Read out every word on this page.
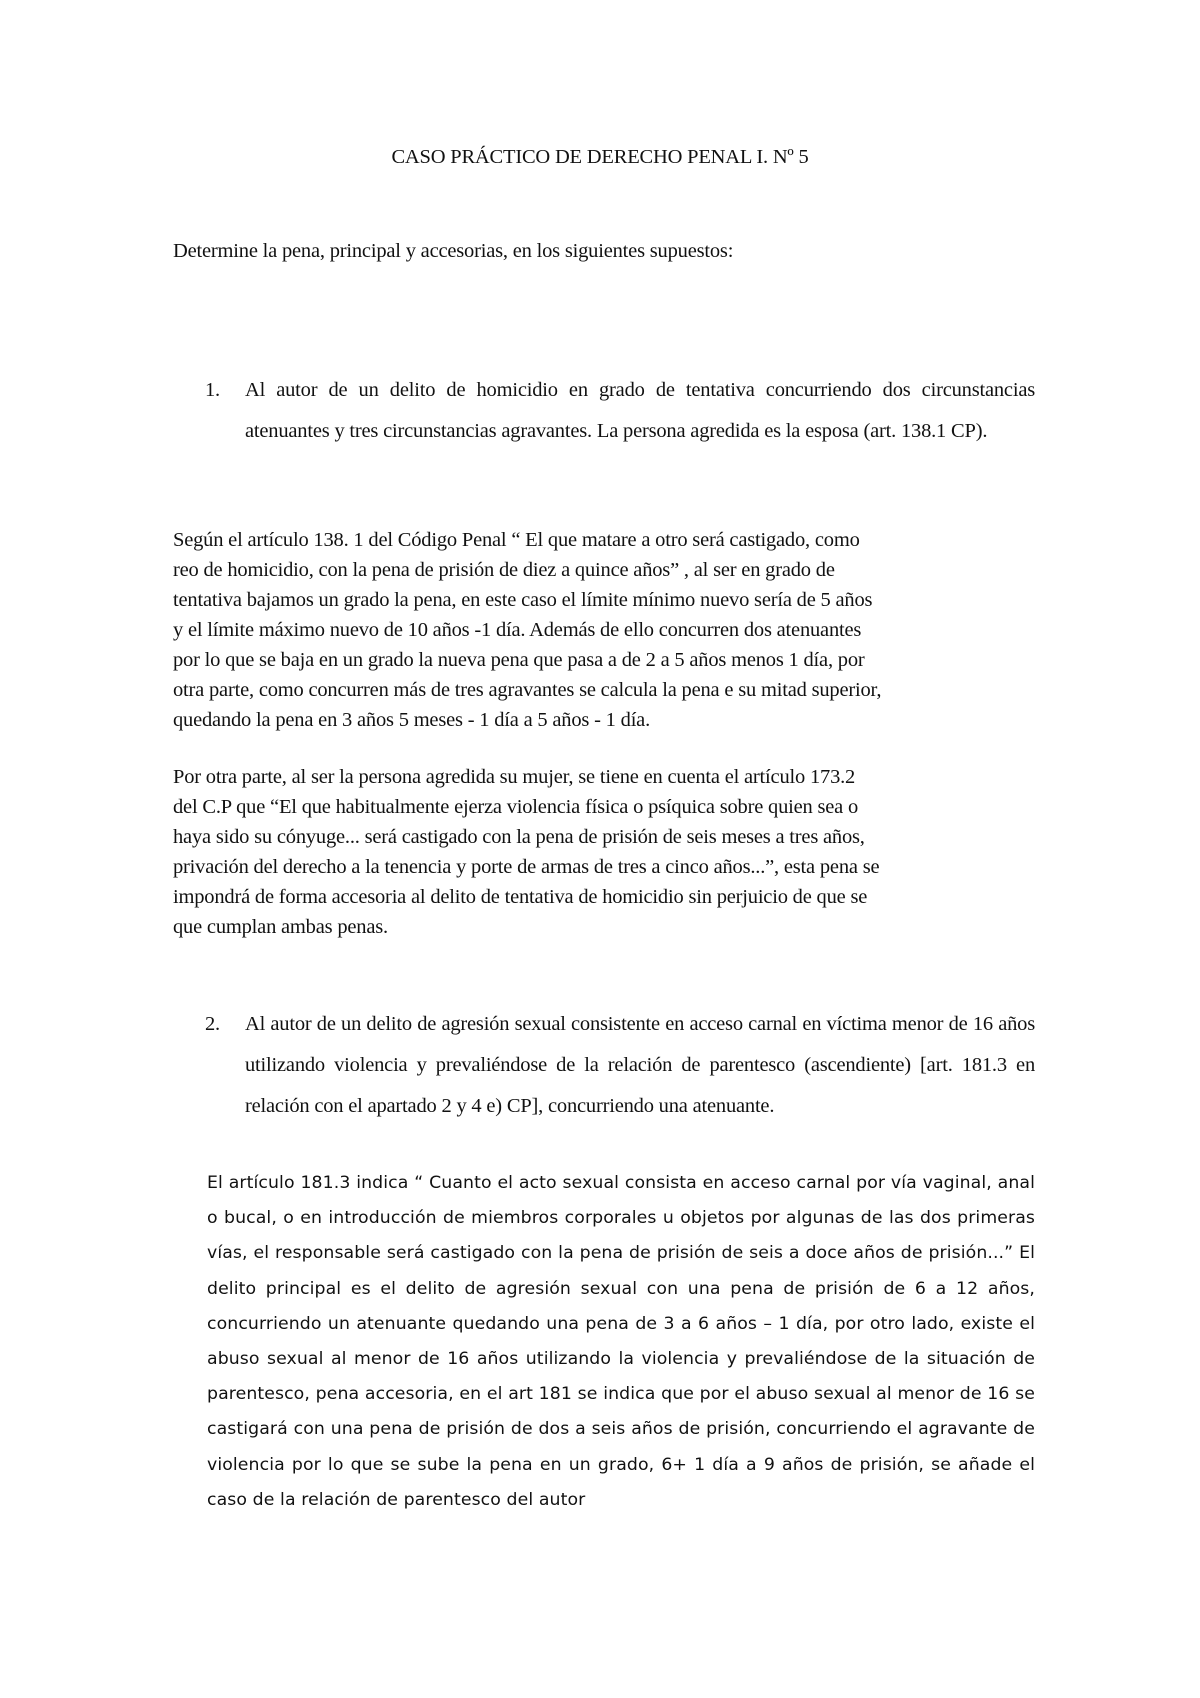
CASO PRÁCTICO DE DERECHO PENAL I. Nº 5
Determine la pena, principal y accesorias, en los siguientes supuestos:
1. Al autor de un delito de homicidio en grado de tentativa concurriendo dos circunstancias atenuantes y tres circunstancias agravantes. La persona agredida es la esposa (art. 138.1 CP).
Según el artículo 138. 1 del Código Penal “ El que matare a otro será castigado, como
reo de homicidio, con la pena de prisión de diez a quince años” , al ser en grado de
tentativa bajamos un grado la pena, en este caso el límite mínimo nuevo sería de 5 años
y el límite máximo nuevo de 10 años -1 día. Además de ello concurren dos atenuantes
por lo que se baja en un grado la nueva pena que pasa a de 2 a 5 años menos 1 día, por
otra parte, como concurren más de tres agravantes se calcula la pena e su mitad superior,
quedando la pena en 3 años 5 meses - 1 día a 5 años - 1 día.
Por otra parte, al ser la persona agredida su mujer, se tiene en cuenta el artículo 173.2
del C.P que “El que habitualmente ejerza violencia física o psíquica sobre quien sea o
haya sido su cónyuge... será castigado con la pena de prisión de seis meses a tres años,
privación del derecho a la tenencia y porte de armas de tres a cinco años...”, esta pena se
impondrá de forma accesoria al delito de tentativa de homicidio sin perjuicio de que se
que cumplan ambas penas.
2. Al autor de un delito de agresión sexual consistente en acceso carnal en víctima menor de 16 años utilizando violencia y prevaliéndose de la relación de parentesco (ascendiente) [art. 181.3 en relación con el apartado 2 y 4 e) CP], concurriendo una atenuante.
El artículo 181.3 indica “ Cuanto el acto sexual consista en acceso carnal por vía vaginal, anal o bucal, o en introducción de miembros corporales u objetos por algunas de las dos primeras vías, el responsable será castigado con la pena de prisión de seis a doce años de prisión...” El delito principal es el delito de agresión sexual con una pena de prisión de 6 a 12 años, concurriendo un atenuante quedando una pena de 3 a 6 años – 1 día, por otro lado, existe el abuso sexual al menor de 16 años utilizando la violencia y prevaliéndose de la situación de parentesco, pena accesoria, en el art 181 se indica que por el abuso sexual al menor de 16 se castigará con una pena de prisión de dos a seis años de prisión, concurriendo el agravante de violencia por lo que se sube la pena en un grado, 6+ 1 día a 9 años de prisión, se añade el caso de la relación de parentesco del autor
